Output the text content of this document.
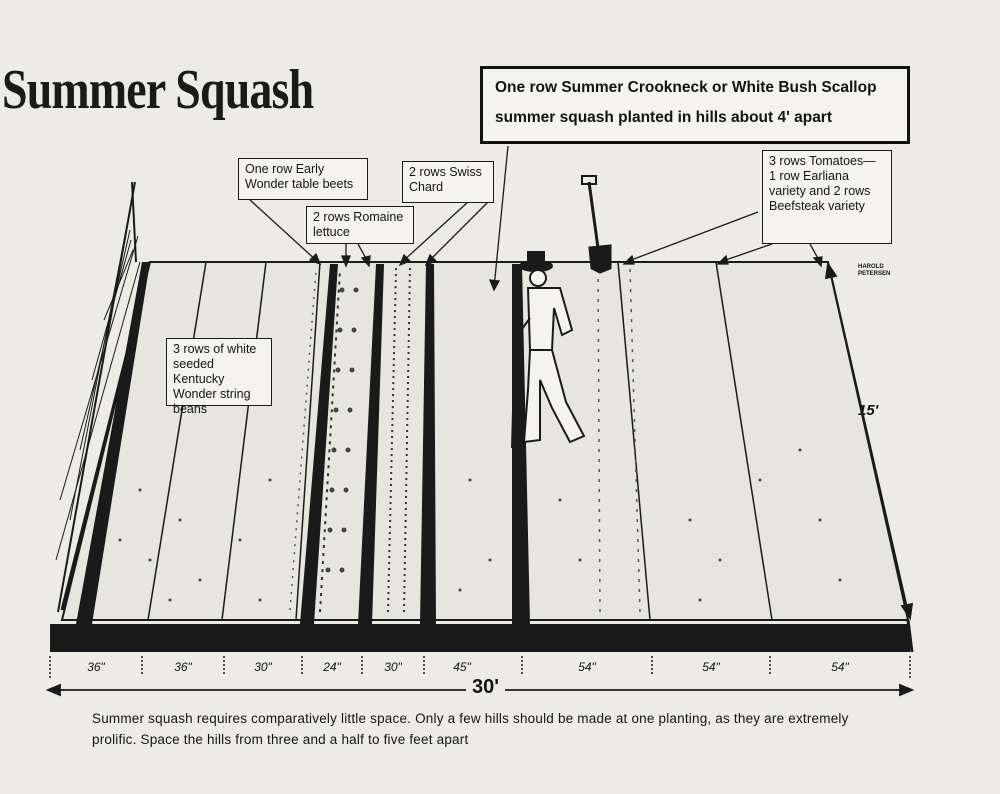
Summer Squash	One row Summer Crookneck or White Bush Scallop
summer squash planted in hills about 4' apart
One row Early Wonder table beets
2 rows Swiss Chard
2 rows Romaine lettuce
3 rows Tomatoes— 1 row Earliana variety and 2 rows Beefsteak variety
3 rows of white seeded Kentucky Wonder string beans
HAROLD PETERSEN
36"	36"	30"	24"	30"	45"	54"	54"	54"
30'
15'
Summer squash requires comparatively little space. Only a few hills should be made at one planting, as they are extremely prolific. Space the hills from three and a half to five feet apart
